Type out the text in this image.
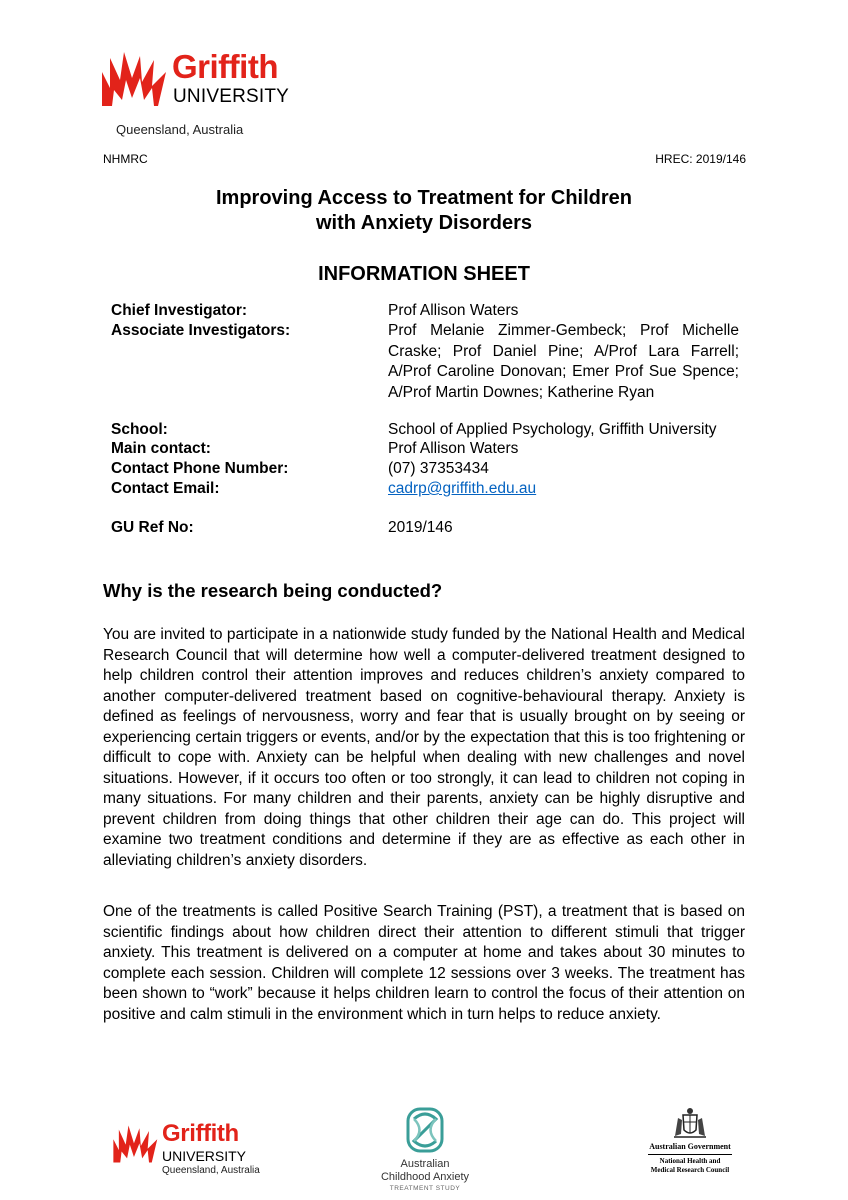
Griffith
UNIVERSITY
Queensland, Australia
NHMRC	HREC: 2019/146
Improving Access to Treatment for Children
with Anxiety Disorders
INFORMATION SHEET
Chief Investigator:	Prof Allison Waters
Associate Investigators:	Prof Melanie Zimmer-Gembeck; Prof Michelle Craske; Prof Daniel Pine; A/Prof Lara Farrell; A/Prof Caroline Donovan; Emer Prof Sue Spence; A/Prof Martin Downes; Katherine Ryan
School:	School of Applied Psychology, Griffith University
Main contact:	Prof Allison Waters
Contact Phone Number:	(07) 37353434
Contact Email:	cadrp@griffith.edu.au
GU Ref No:	2019/146
Why is the research being conducted?
You are invited to participate in a nationwide study funded by the National Health and Medical Research Council that will determine how well a computer-delivered treatment designed to help children control their attention improves and reduces children’s anxiety compared to another computer-delivered treatment based on cognitive-behavioural therapy. Anxiety is defined as feelings of nervousness, worry and fear that is usually brought on by seeing or experiencing certain triggers or events, and/or by the expectation that this is too frightening or difficult to cope with. Anxiety can be helpful when dealing with new challenges and novel situations. However, if it occurs too often or too strongly, it can lead to children not coping in many situations. For many children and their parents, anxiety can be highly disruptive and prevent children from doing things that other children their age can do. This project will examine two treatment conditions and determine if they are as effective as each other in alleviating children’s anxiety disorders.
One of the treatments is called Positive Search Training (PST), a treatment that is based on scientific findings about how children direct their attention to different stimuli that trigger anxiety. This treatment is delivered on a computer at home and takes about 30 minutes to complete each session. Children will complete 12 sessions over 3 weeks. The treatment has been shown to “work” because it helps children learn to control the focus of their attention on positive and calm stimuli in the environment which in turn helps to reduce anxiety.
Griffith
UNIVERSITY
Queensland, Australia
Australian
Childhood Anxiety
TREATMENT STUDY
Australian Government
National Health and
Medical Research Council
